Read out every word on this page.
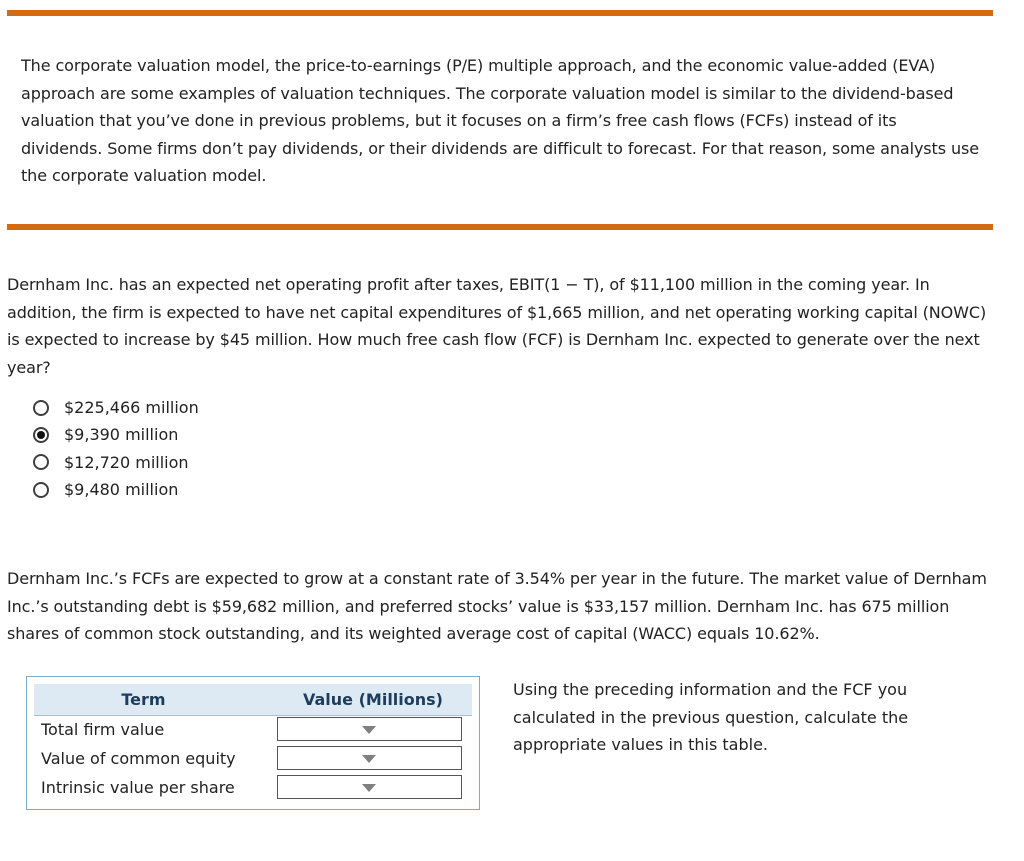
The corporate valuation model, the price-to-earnings (P/E) multiple approach, and the economic value-added (EVA) approach are some examples of valuation techniques. The corporate valuation model is similar to the dividend-based valuation that you’ve done in previous problems, but it focuses on a firm’s free cash flows (FCFs) instead of its dividends. Some firms don’t pay dividends, or their dividends are difficult to forecast. For that reason, some analysts use the corporate valuation model.
Dernham Inc. has an expected net operating profit after taxes, EBIT(1 − T), of $11,100 million in the coming year. In addition, the firm is expected to have net capital expenditures of $1,665 million, and net operating working capital (NOWC) is expected to increase by $45 million. How much free cash flow (FCF) is Dernham Inc. expected to generate over the next year?
$225,466 million
$9,390 million
$12,720 million
$9,480 million
Dernham Inc.’s FCFs are expected to grow at a constant rate of 3.54% per year in the future. The market value of Dernham Inc.’s outstanding debt is $59,682 million, and preferred stocks’ value is $33,157 million. Dernham Inc. has 675 million shares of common stock outstanding, and its weighted average cost of capital (WACC) equals 10.62%.
Term	Value (Millions)
Total firm value
Value of common equity
Intrinsic value per share
Using the preceding information and the FCF you calculated in the previous question, calculate the appropriate values in this table.
